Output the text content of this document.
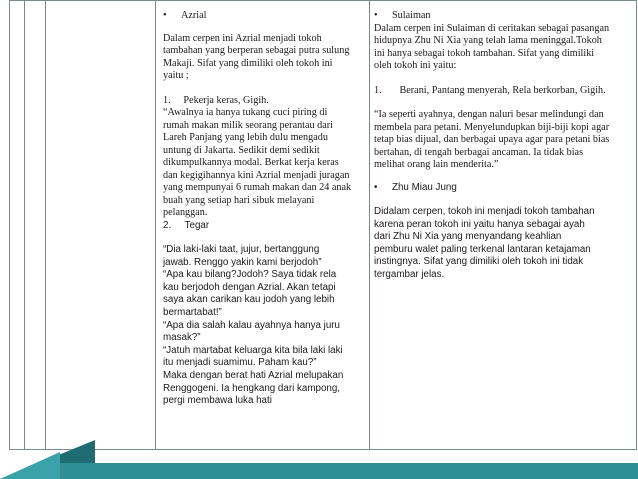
• Azrial

Dalam cerpen ini Azrial menjadi tokoh

tambahan yang berperan sebagai putra sulung

Makaji. Sifat yang dimiliki oleh tokoh ini

yaitu ;

1.     Pekerja keras, Gigih.

“Awalnya ia hanya tukang cuci piring di

rumah makan milik seorang perantau dari

Lareh Panjang yang lebih dulu mengadu

untung di Jakarta. Sedikit demi sedikit

dikumpulkannya modal. Berkat kerja keras

dan kegigihannya kini Azrial menjadi juragan

yang mempunyai 6 rumah makan dan 24 anak

buah yang setiap hari sibuk melayani

pelanggan.

2.     Tegar

“Dia laki-laki taat, jujur, bertanggung

jawab. Renggo yakin kami berjodoh”

“Apa kau bilang?Jodoh? Saya tidak rela

kau berjodoh dengan Azrial. Akan tetapi

saya akan carikan kau jodoh yang lebih

bermartabat!”

“Apa dia salah kalau ayahnya hanya juru

masak?”

“Jatuh martabat keluarga kita bila laki laki

itu menjadi suamimu. Paham kau?”

Maka dengan berat hati Azrial melupakan

Renggogeni. Ia hengkang dari kampong,

pergi membawa luka hati

• Sulaiman

Dalam cerpen ini Sulaiman di ceritakan sebagai pasangan

hidupnya Zhu Ni Xia yang telah lama meninggal.Tokoh

ini hanya sebagai tokoh tambahan. Sifat yang dimiliki

oleh tokoh ini yaitu:

1.       Berani, Pantang menyerah, Rela berkorban, Gigih.

“Ia seperti ayahnya, dengan naluri besar melindungi dan

membela para petani. Menyelundupkan biji-biji kopi agar

tetap bias dijual, dan berbagai upaya agar para petani bias

bertahan, di tengah berbagai ancaman. Ia tidak bias

melihat orang lain menderita.”

• Zhu Miau Jung

Didalam cerpen, tokoh ini menjadi tokoh tambahan

karena peran tokoh ini yaitu hanya sebagai ayah

dari Zhu Ni Xia yang menyandang keahlian

pemburu walet paling terkenal lantaran ketajaman

instingnya. Sifat yang dimiliki oleh tokoh ini tidak

tergambar jelas.
